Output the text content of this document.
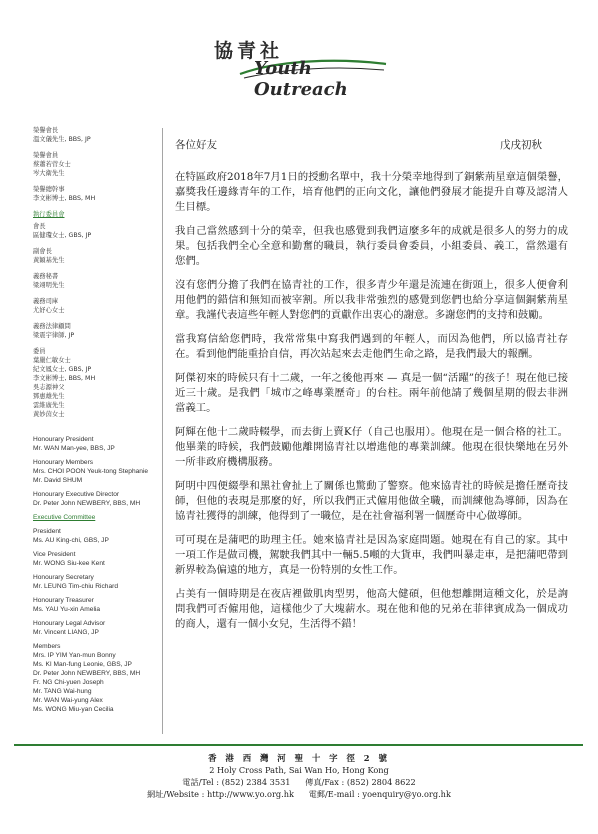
協青社
Youth Outreach
榮譽會長
溫文儀先生, BBS, JP
榮譽會員
蔡蕭若菅女士
岑大衛先生
榮譽總幹事
李文彬博士, BBS, MH
執行委員會
會長
區健瓊女士, GBS, JP
副會長
黃穎基先生
義務秘書
梁翊明先生
義務司庫
尤妤心女士
義務法律顧問
梁震宇律師, JP
委員
葉嚴仁敏女士
紀文鳳女士, GBS, JP
李文彬博士, BBS, MH
吳志源神父
鄧惠雄先生
雲維廣先生
黃妙茵女士
Honourary President
Mr. WAN Man-yee, BBS, JP
Honourary Members
Mrs. CHOI POON Yeuk-tong Stephanie
Mr. David SHUM
Honourary Executive Director
Dr. Peter John NEWBERY, BBS, MH
Executive Committee
President
Ms. AU King-chi, GBS, JP
Vice President
Mr. WONG Siu-kee Kent
Honourary Secretary
Mr. LEUNG Tim-chiu Richard
Honourary Treasurer
Ms. YAU Yu-xin Amelia
Honourary Legal Advisor
Mr. Vincent LIANG, JP
Members
Mrs. IP YIM Yan-mun Bonny
Ms. KI Man-fung Leonie, GBS, JP
Dr. Peter John NEWBERY, BBS, MH
Fr. NG Chi-yuen Joseph
Mr. TANG Wai-hung
Mr. WAN Wai-yung Alex
Ms. WONG Miu-yan Cecilia
各位好友	戊戌初秋

在特區政府2018年7月1日的授勳名單中，我十分榮幸地得到了銅紫荊星章這個榮譽，嘉獎我任邊緣青年的工作，培育他們的正向文化，讓他們發展才能提升自尊及認清人生目標。

我自己當然感到十分的榮幸，但我也感覺到我們這麼多年的成就是很多人的努力的成果。包括我們全心全意和勤奮的職員，執行委員會委員，小組委員、義工，當然還有您們。

沒有您們分擔了我們在協青社的工作，很多青少年還是流連在街頭上，很多人便會利用他們的錯信和無知而被宰割。所以我非常強烈的感覺到您們也給分享這個銅紫荊星章。我謹代表這些年輕人對您們的貢獻作出衷心的謝意。多謝您們的支持和鼓勵。

當我寫信給您們時，我常常集中寫我們遇到的年輕人，而因為他們，所以協青社存在。看到他們能重拾自信，再次站起來去走他們生命之路，是我們最大的報酬。

阿傑初來的時候只有十二歲，一年之後他再來 — 真是一個“活躍”的孩子！現在他已接近三十歲。是我們「城市之峰專業歷奇」的台柱。兩年前他請了幾個星期的假去非洲當義工。

阿輝在他十二歲時輟學，而去街上賣K仔（自己也服用）。他現在是一個合格的社工。他畢業的時候，我們鼓勵他離開協青社以增進他的專業訓練。他現在很快樂地在另外一所非政府機構服務。

阿明中四便綴學和黑社會扯上了關係也驚動了警察。他來協青社的時候是擔任歷奇技師，但他的表現是那麼的好，所以我們正式僱用他做全職，而訓練他為導師，因為在協青社獲得的訓練，他得到了一職位，是在社會福利署一個歷奇中心做導師。

可可現在是蒲吧的助理主任。她來協青社是因為家庭問題。她現在有自己的家。其中一項工作是做司機，駕駛我們其中一輛5.5噸的大貨車，我們叫暴走車，是把蒲吧帶到新界較為偏遠的地方，真是一份特別的女性工作。

占美有一個時期是在夜店裡做肌肉型男，他高大健碩，但他想離開這種文化，於是詢問我們可否僱用他，這樣他少了大塊薪水。現在他和他的兄弟在菲律賓成為一個成功的商人，還有一個小女兒，生活得不錯！

香 港 西 灣 河 聖 十 字 徑 2 號
2 Holy Cross Path, Sai Wan Ho, Hong Kong
電話/Tel : (852) 2384 3531 傳真/Fax : (852) 2804 8622
網址/Website : http://www.yo.org.hk 電郵/E-mail : yoenquiry@yo.org.hk
